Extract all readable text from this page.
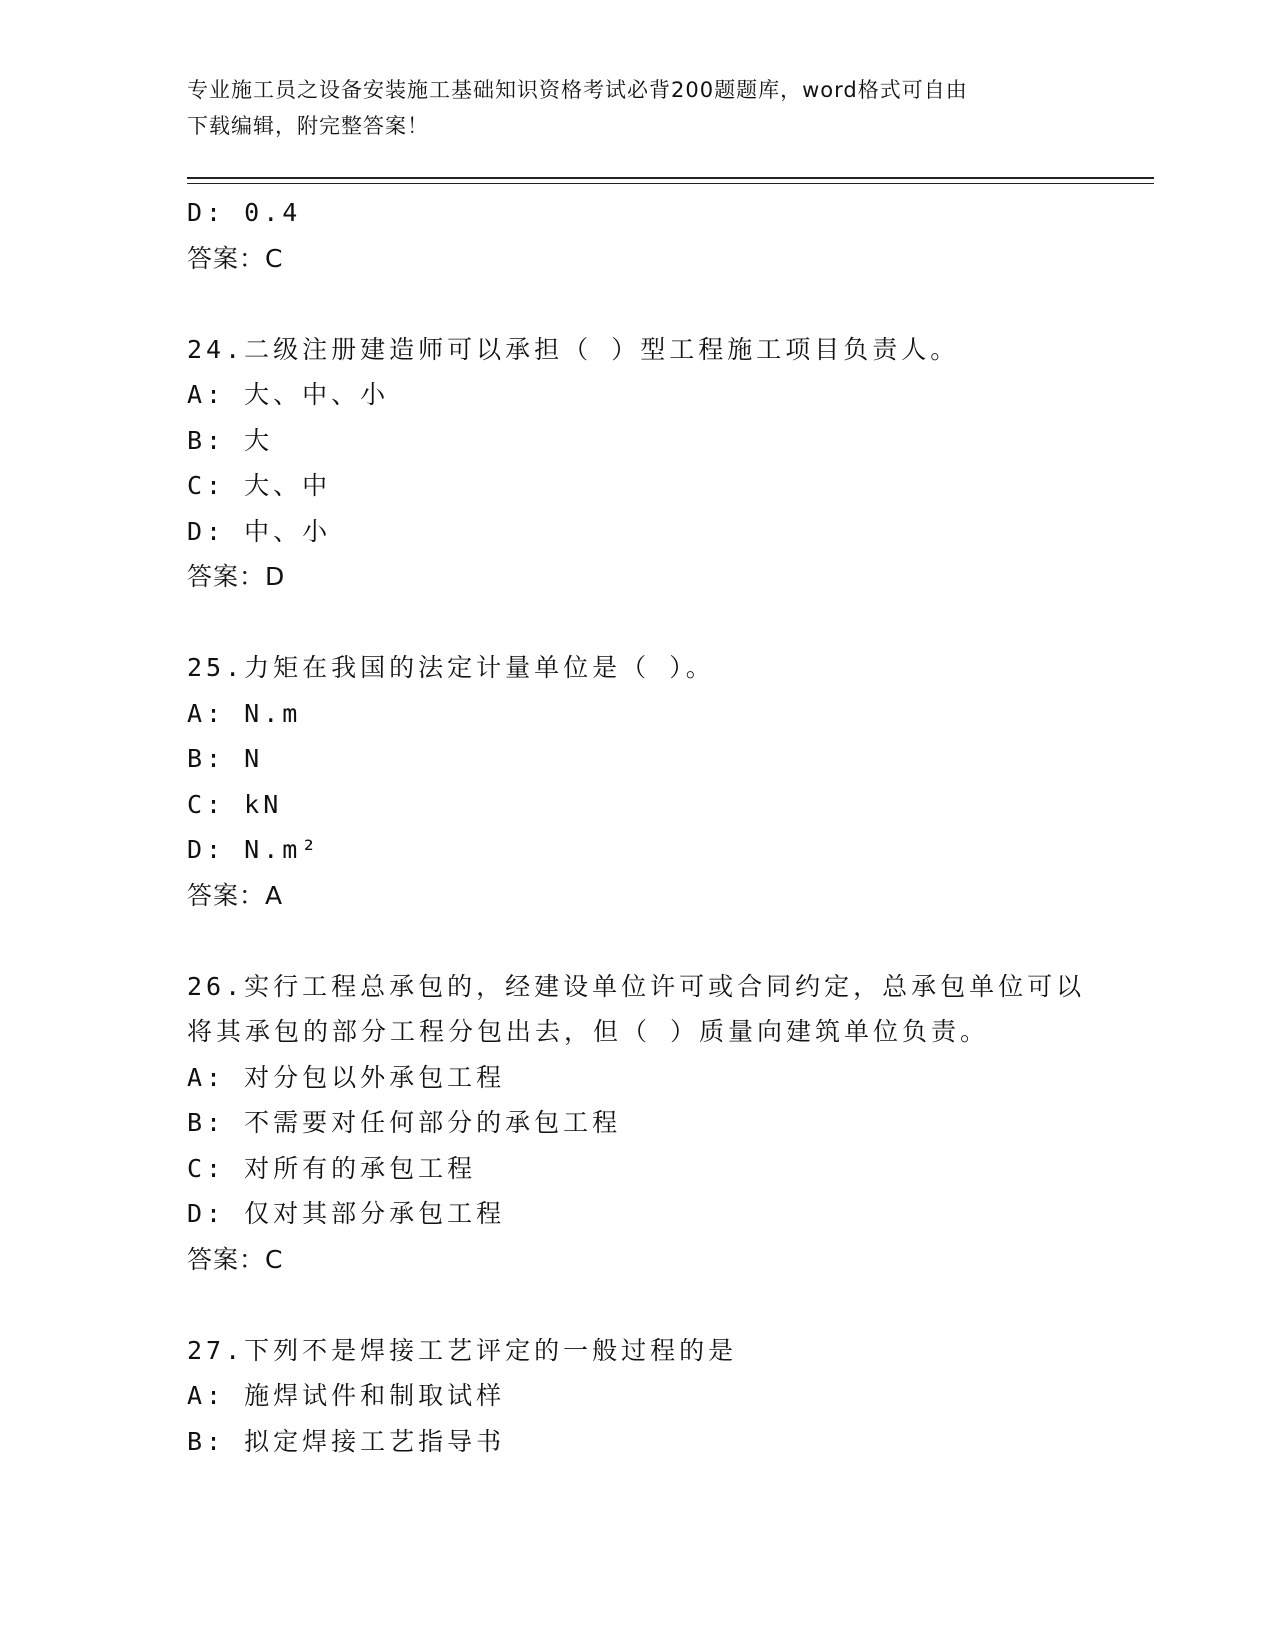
专业施工员之设备安装施工基础知识资格考试必背200题题库，word格式可自由
下载编辑，附完整答案！
D: 0.4
答案：C
24.二级注册建造师可以承担（ ）型工程施工项目负责人。
A: 大、中、小
B: 大
C: 大、中
D: 中、小
答案：D
25.力矩在我国的法定计量单位是（ ）。
A: N.m
B: N
C: kN
D: N.m²
答案：A
26.实行工程总承包的，经建设单位许可或合同约定，总承包单位可以
将其承包的部分工程分包出去，但（ ）质量向建筑单位负责。
A: 对分包以外承包工程
B: 不需要对任何部分的承包工程
C: 对所有的承包工程
D: 仅对其部分承包工程
答案：C
27.下列不是焊接工艺评定的一般过程的是
A: 施焊试件和制取试样
B: 拟定焊接工艺指导书
